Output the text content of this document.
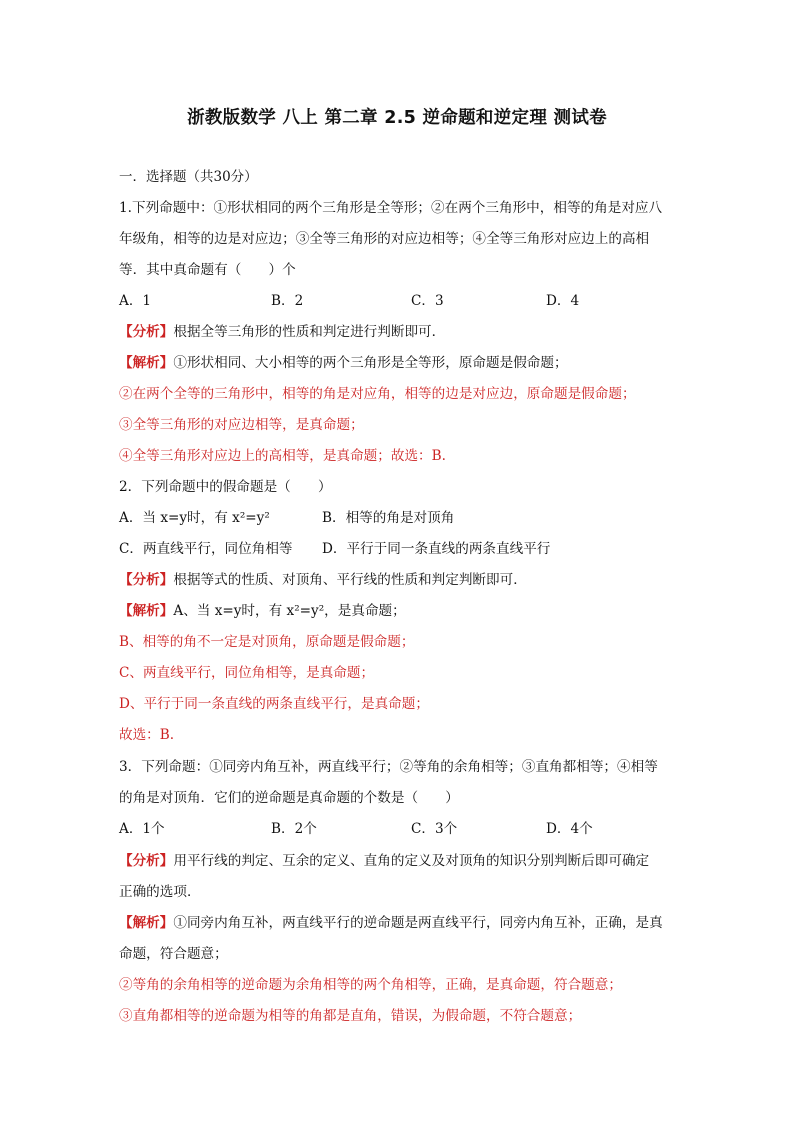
浙教版数学 八上 第二章 2.5 逆命题和逆定理 测试卷
一．选择题（共30分）
1.下列命题中：①形状相同的两个三角形是全等形；②在两个三角形中，相等的角是对应八
年级角，相等的边是对应边；③全等三角形的对应边相等；④全等三角形对应边上的高相
等．其中真命题有（　　）个
A．1	B．2	C．3	D．4
【分析】根据全等三角形的性质和判定进行判断即可．
【解析】①形状相同、大小相等的两个三角形是全等形，原命题是假命题；
②在两个全等的三角形中，相等的角是对应角，相等的边是对应边，原命题是假命题；
③全等三角形的对应边相等，是真命题；
④全等三角形对应边上的高相等，是真命题；故选：B.
2．下列命题中的假命题是（　　）
A．当 x=y时，有 x²=y²	B．相等的角是对顶角
C．两直线平行，同位角相等 D．平行于同一条直线的两条直线平行
【分析】根据等式的性质、对顶角、平行线的性质和判定判断即可．
【解析】A、当 x=y时，有 x²=y²，是真命题；
B、相等的角不一定是对顶角，原命题是假命题；
C、两直线平行，同位角相等，是真命题；
D、平行于同一条直线的两条直线平行，是真命题；
故选：B.
3．下列命题：①同旁内角互补，两直线平行；②等角的余角相等；③直角都相等；④相等
的角是对顶角．它们的逆命题是真命题的个数是（　　）
A．1个	B．2个	C．3个	D．4个
【分析】用平行线的判定、互余的定义、直角的定义及对顶角的知识分别判断后即可确定
正确的选项．
【解析】①同旁内角互补，两直线平行的逆命题是两直线平行，同旁内角互补，正确，是真
命题，符合题意；
②等角的余角相等的逆命题为余角相等的两个角相等，正确，是真命题，符合题意；
③直角都相等的逆命题为相等的角都是直角，错误，为假命题，不符合题意；
